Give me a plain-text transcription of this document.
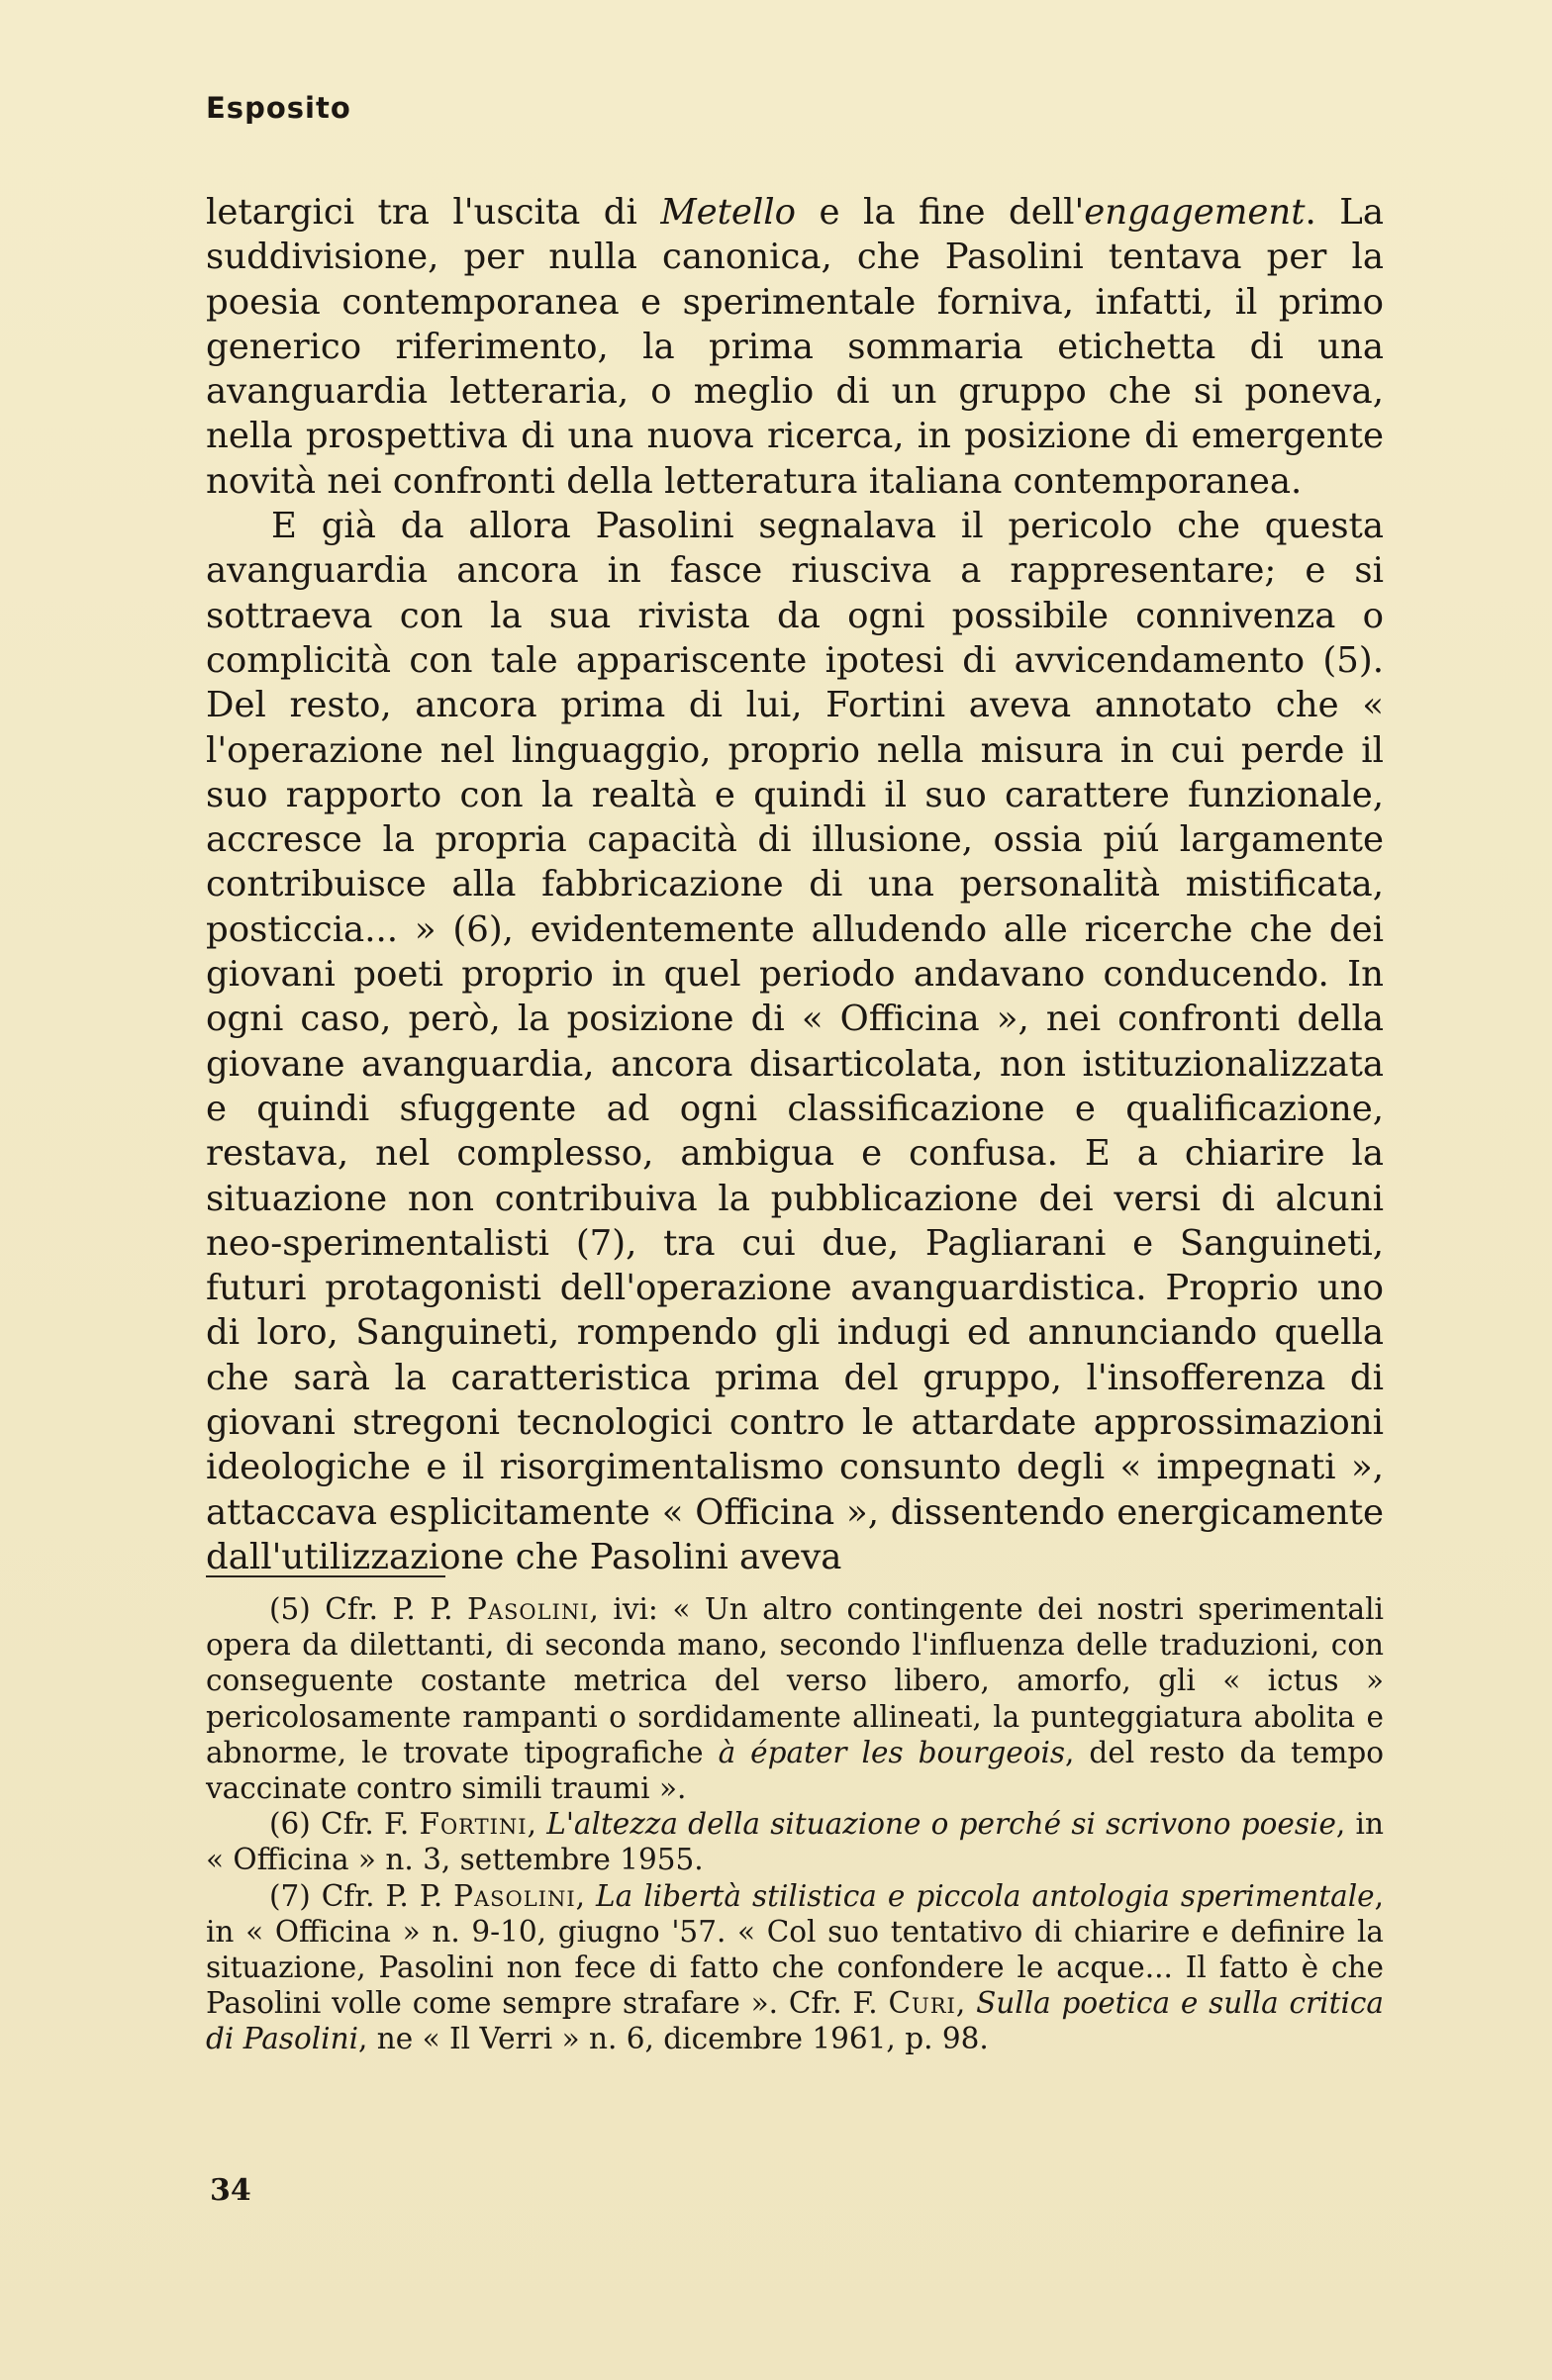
Esposito

letargici tra l'uscita di Metello e la fine dell'engagement. La suddivisione, per nulla canonica, che Pasolini tentava per la poesia contemporanea e sperimentale forniva, infatti, il primo generico riferimento, la prima sommaria etichetta di una avanguardia letteraria, o meglio di un gruppo che si poneva, nella prospettiva di una nuova ricerca, in posizione di emergente novità nei confronti della letteratura italiana contemporanea.

E già da allora Pasolini segnalava il pericolo che questa avanguardia ancora in fasce riusciva a rappresentare; e si sottraeva con la sua rivista da ogni possibile connivenza o complicità con tale appariscente ipotesi di avvicendamento (5). Del resto, ancora prima di lui, Fortini aveva annotato che « l'operazione nel linguaggio, proprio nella misura in cui perde il suo rapporto con la realtà e quindi il suo carattere funzionale, accresce la propria capacità di illusione, ossia piú largamente contribuisce alla fabbricazione di una personalità mistificata, posticcia... » (6), evidentemente alludendo alle ricerche che dei giovani poeti proprio in quel periodo andavano conducendo. In ogni caso, però, la posizione di « Officina », nei confronti della giovane avanguardia, ancora disarticolata, non istituzionalizzata e quindi sfuggente ad ogni classificazione e qualificazione, restava, nel complesso, ambigua e confusa. E a chiarire la situazione non contribuiva la pubblicazione dei versi di alcuni neo-sperimentalisti (7), tra cui due, Pagliarani e Sanguineti, futuri protagonisti dell'operazione avanguardistica. Proprio uno di loro, Sanguineti, rompendo gli indugi ed annunciando quella che sarà la caratteristica prima del gruppo, l'insofferenza di giovani stregoni tecnologici contro le attardate approssimazioni ideologiche e il risorgimentalismo consunto degli « impegnati », attaccava esplicitamente « Officina », dissentendo energicamente dall'utilizzazione che Pasolini aveva

(5) Cfr. P. P. Pasolini, ivi: « Un altro contingente dei nostri sperimentali opera da dilettanti, di seconda mano, secondo l'influenza delle traduzioni, con conseguente costante metrica del verso libero, amorfo, gli « ictus » pericolosamente rampanti o sordidamente allineati, la punteggiatura abolita e abnorme, le trovate tipografiche à épater les bourgeois, del resto da tempo vaccinate contro simili traumi ».

(6) Cfr. F. Fortini, L'altezza della situazione o perché si scrivono poesie, in « Officina » n. 3, settembre 1955.

(7) Cfr. P. P. Pasolini, La libertà stilistica e piccola antologia sperimentale, in « Officina » n. 9-10, giugno '57. « Col suo tentativo di chiarire e definire la situazione, Pasolini non fece di fatto che confondere le acque... Il fatto è che Pasolini volle come sempre strafare ». Cfr. F. Curi, Sulla poetica e sulla critica di Pasolini, ne « Il Verri » n. 6, dicembre 1961, p. 98.

34
